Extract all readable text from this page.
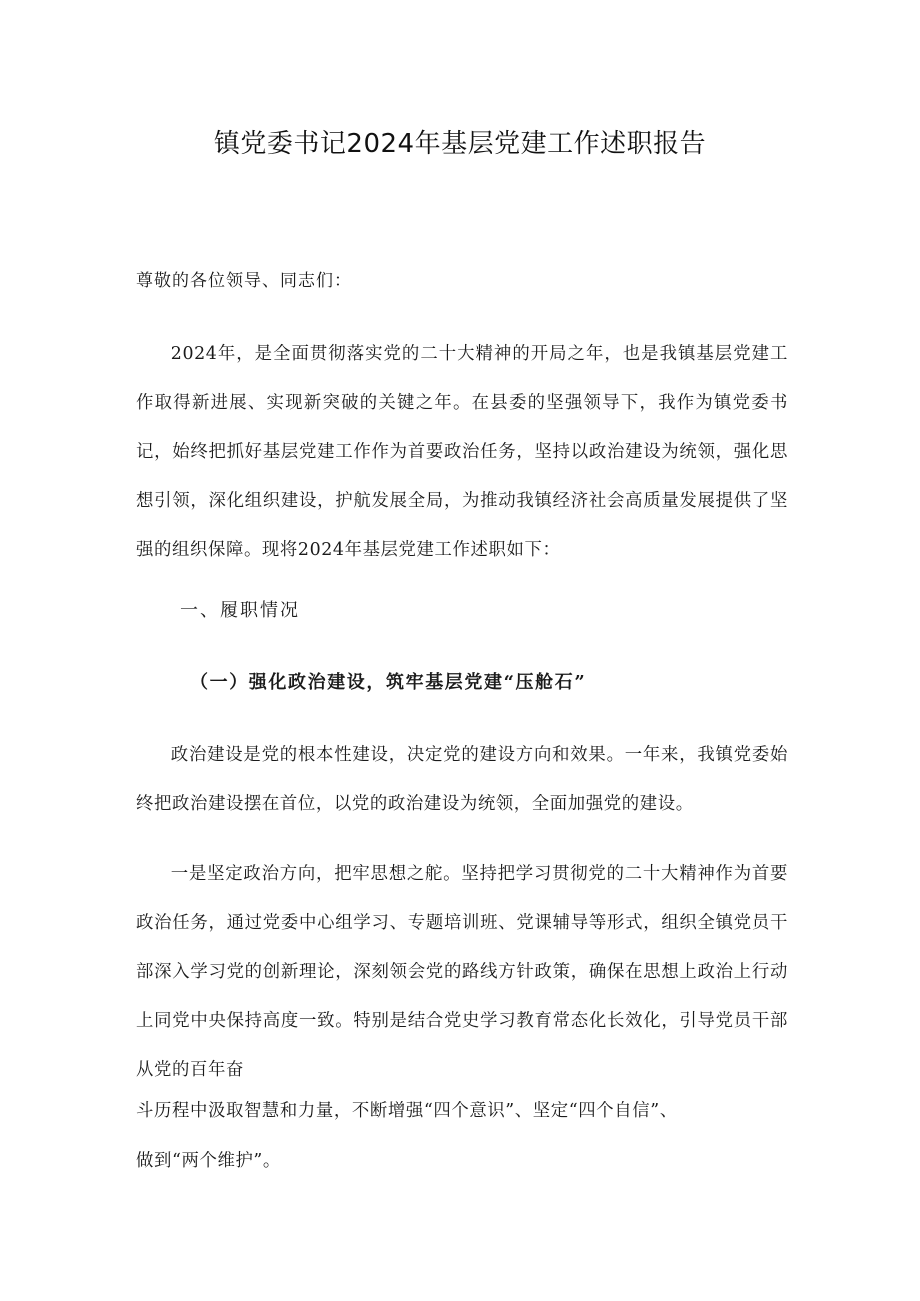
镇党委书记2024年基层党建工作述职报告
尊敬的各位领导、同志们：

2024年，是全面贯彻落实党的二十大精神的开局之年，也是我镇基层党建工作取得新进展、实现新突破的关键之年。在县委的坚强领导下，我作为镇党委书记，始终把抓好基层党建工作作为首要政治任务，坚持以政治建设为统领，强化思想引领，深化组织建设，护航发展全局，为推动我镇经济社会高质量发展提供了坚强的组织保障。现将2024年基层党建工作述职如下：

一、履职情况
（一）强化政治建设，筑牢基层党建“压舱石”

政治建设是党的根本性建设，决定党的建设方向和效果。一年来，我镇党委始终把政治建设摆在首位，以党的政治建设为统领，全面加强党的建设。

一是坚定政治方向，把牢思想之舵。坚持把学习贯彻党的二十大精神作为首要政治任务，通过党委中心组学习、专题培训班、党课辅导等形式，组织全镇党员干部深入学习党的创新理论，深刻领会党的路线方针政策，确保在思想上政治上行动上同党中央保持高度一致。特别是结合党史学习教育常态化长效化，引导党员干部从党的百年奋

斗历程中汲取智慧和力量，不断增强“四个意识”、坚定“四个自信”、
做到“两个维护”。
